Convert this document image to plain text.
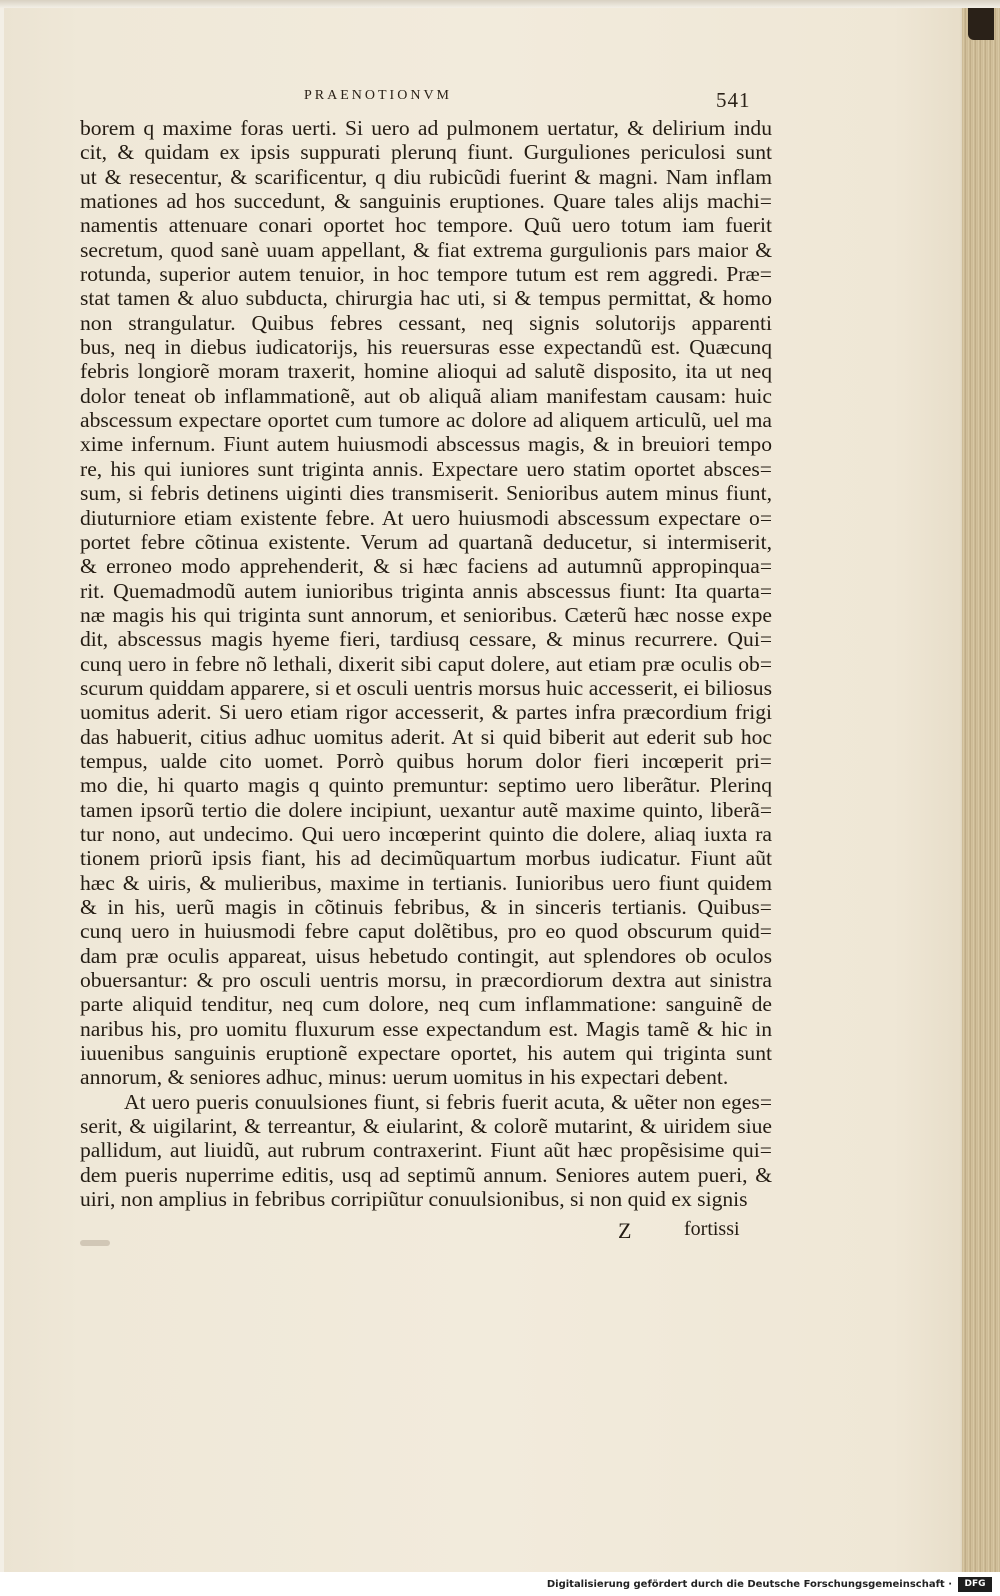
PRAENOTIONVM	541
borem q maxime foras uerti. Si uero ad pulmonem uertatur, & delirium indu
cit, & quidam ex ipsis suppurati plerunq fiunt. Gurguliones periculosi sunt
ut & resecentur, & scarificentur, q diu rubicũdi fuerint & magni. Nam inflam
mationes ad hos succedunt, & sanguinis eruptiones. Quare tales alijs machi=
namentis attenuare conari oportet hoc tempore. Quũ uero totum iam fuerit
secretum, quod sanè uuam appellant, & fiat extrema gurgulionis pars maior &
rotunda, superior autem tenuior, in hoc tempore tutum est rem aggredi. Præ=
stat tamen & aluo subducta, chirurgia hac uti, si & tempus permittat, & homo
non strangulatur. Quibus febres cessant, neq signis solutorijs apparenti
bus, neq in diebus iudicatorijs, his reuersuras esse expectandũ est. Quæcunq
febris longiorẽ moram traxerit, homine alioqui ad salutẽ disposito, ita ut neq
dolor teneat ob inflammationẽ, aut ob aliquã aliam manifestam causam: huic
abscessum expectare oportet cum tumore ac dolore ad aliquem articulũ, uel ma
xime infernum. Fiunt autem huiusmodi abscessus magis, & in breuiori tempo
re, his qui iuniores sunt triginta annis. Expectare uero statim oportet absces=
sum, si febris detinens uiginti dies transmiserit. Senioribus autem minus fiunt,
diuturniore etiam existente febre. At uero huiusmodi abscessum expectare o=
portet febre cõtinua existente. Verum ad quartanã deducetur, si intermiserit,
& erroneo modo apprehenderit, & si hæc faciens ad autumnũ appropinqua=
rit. Quemadmodũ autem iunioribus triginta annis abscessus fiunt: Ita quarta=
næ magis his qui triginta sunt annorum, et senioribus. Cæterũ hæc nosse expe
dit, abscessus magis hyeme fieri, tardiusq cessare, & minus recurrere. Qui=
cunq uero in febre nõ lethali, dixerit sibi caput dolere, aut etiam præ oculis ob=
scurum quiddam apparere, si et osculi uentris morsus huic accesserit, ei biliosus
uomitus aderit. Si uero etiam rigor accesserit, & partes infra præcordium frigi
das habuerit, citius adhuc uomitus aderit. At si quid biberit aut ederit sub hoc
tempus, ualde cito uomet. Porrò quibus horum dolor fieri incœperit pri=
mo die, hi quarto magis q quinto premuntur: septimo uero liberãtur. Plerinq
tamen ipsorũ tertio die dolere incipiunt, uexantur autẽ maxime quinto, liberã=
tur nono, aut undecimo. Qui uero incœperint quinto die dolere, aliaq iuxta ra
tionem priorũ ipsis fiant, his ad decimũquartum morbus iudicatur. Fiunt aũt
hæc & uiris, & mulieribus, maxime in tertianis. Iunioribus uero fiunt quidem
& in his, uerũ magis in cõtinuis febribus, & in sinceris tertianis. Quibus=
cunq uero in huiusmodi febre caput dolẽtibus, pro eo quod obscurum quid=
dam præ oculis appareat, uisus hebetudo contingit, aut splendores ob oculos
obuersantur: & pro osculi uentris morsu, in præcordiorum dextra aut sinistra
parte aliquid tenditur, neq cum dolore, neq cum inflammatione: sanguinẽ de
naribus his, pro uomitu fluxurum esse expectandum est. Magis tamẽ & hic in
iuuenibus sanguinis eruptionẽ expectare oportet, his autem qui triginta sunt
annorum, & seniores adhuc, minus: uerum uomitus in his expectari debent.
At uero pueris conuulsiones fiunt, si febris fuerit acuta, & uẽter non eges=
serit, & uigilarint, & terreantur, & eiularint, & colorẽ mutarint, & uiridem siue
pallidum, aut liuidũ, aut rubrum contraxerint. Fiunt aũt hæc propẽsisime qui=
dem pueris nuperrime editis, usq ad septimũ annum. Seniores autem pueri, &
uiri, non amplius in febribus corripiũtur conuulsionibus, si non quid ex signis
Z	fortissi
Digitalisierung gefördert durch die Deutsche Forschungsgemeinschaft ·	DFG
